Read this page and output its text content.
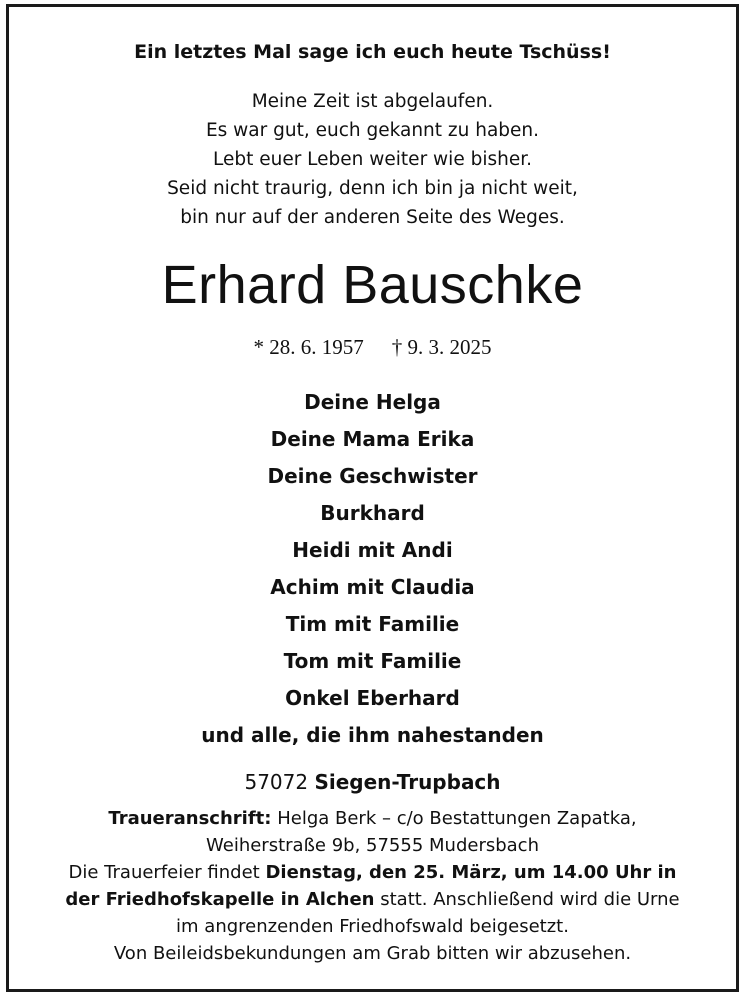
Ein letztes Mal sage ich euch heute Tschüss!
Meine Zeit ist abgelaufen.
Es war gut, euch gekannt zu haben.
Lebt euer Leben weiter wie bisher.
Seid nicht traurig, denn ich bin ja nicht weit,
bin nur auf der anderen Seite des Weges.
Erhard Bauschke
* 28. 6. 1957 † 9. 3. 2025
Deine Helga
Deine Mama Erika
Deine Geschwister
Burkhard
Heidi mit Andi
Achim mit Claudia
Tim mit Familie
Tom mit Familie
Onkel Eberhard
und alle, die ihm nahestanden
57072 Siegen-Trupbach
Traueranschrift: Helga Berk – c/o Bestattungen Zapatka,
Weiherstraße 9b, 57555 Mudersbach
Die Trauerfeier findet Dienstag, den 25. März, um 14.00 Uhr in
der Friedhofskapelle in Alchen statt. Anschließend wird die Urne
im angrenzenden Friedhofswald beigesetzt.
Von Beileidsbekundungen am Grab bitten wir abzusehen.
